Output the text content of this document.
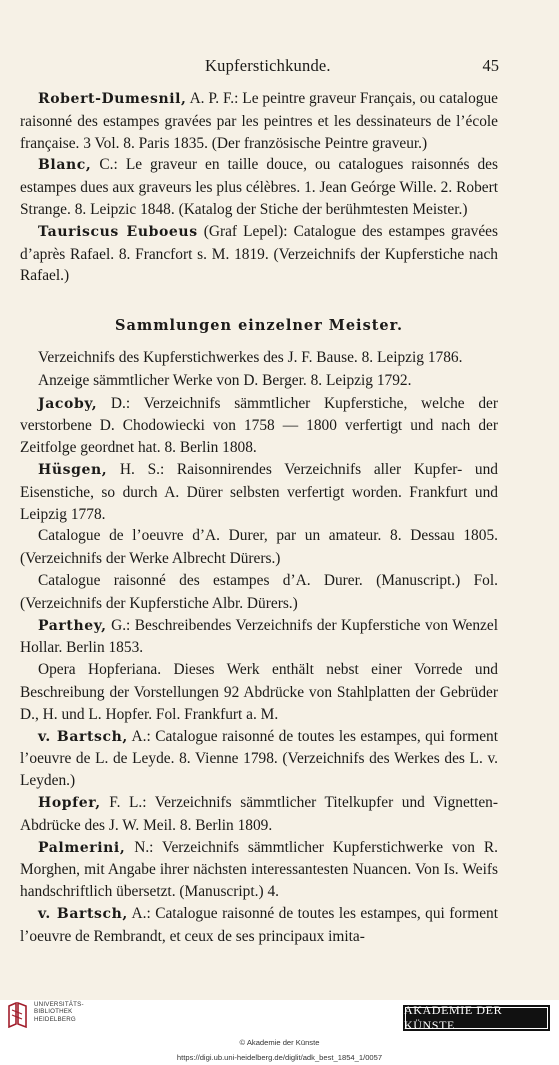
Kupferstichkunde.	45

Robert-Dumesnil, A. P. F.: Le peintre graveur Français, ou catalogue raisonné des estampes gravées par les peintres et les dessinateurs de l’école française. 3 Vol. 8. Paris 1835. (Der französische Peintre graveur.)

Blanc, C.: Le graveur en taille douce, ou catalogues raisonnés des estampes dues aux graveurs les plus célèbres. 1. Jean Geórge Wille. 2. Robert Strange. 8. Leipzic 1848. (Katalog der Stiche der berühmtesten Meister.)

Tauriscus Euboeus (Graf Lepel): Catalogue des estampes gravées d’après Rafael. 8. Francfort s. M. 1819. (Verzeichnifs der Kupferstiche nach Rafael.)

Sammlungen einzelner Meister.

Verzeichnifs des Kupferstichwerkes des J. F. Bause. 8. Leipzig 1786.

Anzeige sämmtlicher Werke von D. Berger. 8. Leipzig 1792.

Jacoby, D.: Verzeichnifs sämmtlicher Kupferstiche, welche der verstorbene D. Chodowiecki von 1758 — 1800 verfertigt und nach der Zeitfolge geordnet hat. 8. Berlin 1808.

Hüsgen, H. S.: Raisonnirendes Verzeichnifs aller Kupfer- und Eisenstiche, so durch A. Dürer selbsten verfertigt worden. Frankfurt und Leipzig 1778.

Catalogue de l’oeuvre d’A. Durer, par un amateur. 8. Dessau 1805. (Verzeichnifs der Werke Albrecht Dürers.)

Catalogue raisonné des estampes d’A. Durer. (Manuscript.) Fol. (Verzeichnifs der Kupferstiche Albr. Dürers.)

Parthey, G.: Beschreibendes Verzeichnifs der Kupferstiche von Wenzel Hollar. Berlin 1853.

Opera Hopferiana. Dieses Werk enthält nebst einer Vorrede und Beschreibung der Vorstellungen 92 Abdrücke von Stahlplatten der Gebrüder D., H. und L. Hopfer. Fol. Frankfurt a. M.

v. Bartsch, A.: Catalogue raisonné de toutes les estampes, qui forment l’oeuvre de L. de Leyde. 8. Vienne 1798. (Verzeichnifs des Werkes des L. v. Leyden.)

Hopfer, F. L.: Verzeichnifs sämmtlicher Titelkupfer und Vignetten-Abdrücke des J. W. Meil. 8. Berlin 1809.

Palmerini, N.: Verzeichnifs sämmtlicher Kupferstichwerke von R. Morghen, mit Angabe ihrer nächsten interessantesten Nuancen. Von Is. Weifs handschriftlich übersetzt. (Manuscript.) 4.

v. Bartsch, A.: Catalogue raisonné de toutes les estampes, qui forment l’oeuvre de Rembrandt, et ceux de ses principaux imita-

UNIVERSITÄTS-
BIBLIOTHEK
HEIDELBERG
AKADEMIE DER KÜNSTE
© Akademie der Künste
https://digi.ub.uni-heidelberg.de/diglit/adk_best_1854_1/0057
